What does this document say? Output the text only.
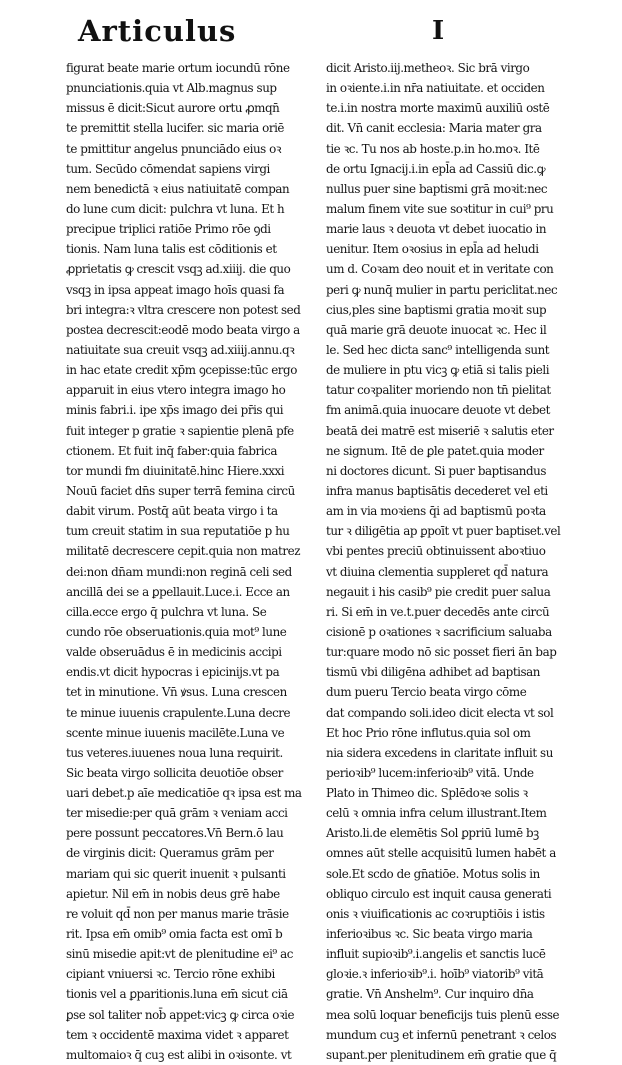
Articulus	I
figurat beate marie ortum iocundū rōne
pnunciationis.quia vt Alb.magnus sup
missus ē dicit:Sicut aurore ortu ꝓmqn̄
te premittit stella lucifer. sic maria oriē
te pmittitur angelus pnunciādo eius oꝛ
tum. Secūdo cōmendat sapiens virgi
nem benedictā ꝛ eius natiuitatē compan
do lune cum dicit: pulchra vt luna. Et h
precipue triplici ratiōe Primo rōe ꝯdi
tionis. Nam luna talis est cōditionis et
ꝓprietatis ꝙ crescit vsqꝫ ad.xiiij. die quo
vsqꝫ in ipsa appeat imago hoīs quasi fa
bri integra:ꝛ vltra crescere non potest sed
postea decrescit:eodē modo beata virgo a
natiuitate sua creuit vsqꝫ ad.xiiij.annu.qꝛ
in hac etate credit xp̄m ꝯcepisse:tūc ergo
apparuit in eius vtero integra imago ho
minis fabri.i. ipe xp̄s imago dei pr̄is qui
fuit integer p gratie ꝛ sapientie plenā pfe
ctionem. Et fuit inq̄ faber:quia fabrica
tor mundi fm diuinitatē.hinc Hiere.xxxi
Nouū faciet dn̄s super terrā femina circū
dabit virum. Postq̄ aūt beata virgo i ta
tum creuit statim in sua reputatiōe p hu
militatē decrescere cepit.quia non matrez
dei:non dn̄am mundi:non reginā celi sed
ancillā dei se a ꝑpellauit.Luce.i. Ecce an
cilla.ecce ergo q̄ pulchra vt luna. Se
cundo rōe obseruationis.quia mot⁹ lune
valde obseruādus ē in medicinis accipi
endis.vt dicit hypocras i epicinijs.vt pa
tet in minutione. Vn̄ ꝟsus. Luna crescen
te minue iuuenis crapulente.Luna decre
scente minue iuuenis macilēte.Luna ve
tus veteres.iuuenes noua luna requirit.
Sic beata virgo sollicita deuotiōe obser
uari debet.p aīe medicatiōe qꝛ ipsa est ma
ter misedie:per quā grām ꝛ veniam acci
pere possunt peccatores.Vn̄ Bern.ō lau
de virginis dicit: Queramus grām per
mariam qui sic querit inuenit ꝛ pulsanti
apietur. Nil em̄ in nobis deus grē habe
re voluit qd̄ non per manus marie trāsie
rit. Ipsa em̄ omib⁹ omia facta est omī b
sinū misedie apit:vt de plenitudine ei⁹ ac
cipiant vniuersi ꝛc. Tercio rōne exhibi
tionis vel a ꝑparitionis.luna em̄ sicut ciā
ꝑse sol taliter nob̄ appet:vicꝫ ꝙ circa oꝛie
tem ꝛ occidentē maxima videt ꝛ apparet
multomaioꝛ q̄ cuꝫ est alibi in oꝛisonte. vt
dicit Aristo.iij.metheoꝛ. Sic brā virgo
in oꝛiente.i.in nr̄a natiuitate. et occiden
te.i.in nostra morte maximū auxiliū ostē
dit. Vn̄ canit ecclesia: Maria mater gra
tie ꝛc. Tu nos ab hoste.p.in ho.moꝛ. Itē
de ortu Ignacij.i.in epl̄a ad Cassiū dic.ꝙ
nullus puer sine baptismi grā moꝛit:nec
malum finem vite sue soꝛtitur in cui⁹ pru
marie laus ꝛ deuota vt debet iuocatio in
uenitur. Item oꝛosius in epl̄a ad heludi
um d. Coꝛam deo nouit et in veritate con
peri ꝙ nunq̄ mulier in partu periclitat.nec
cius,ples sine baptismi gratia moꝛit sup
quā marie grā deuote inuocat ꝛc. Hec il
le. Sed hec dicta sanc⁹ intelligenda sunt
de muliere in ptu vicꝫ ꝙ etiā si talis pieli
tatur coꝛpaliter moriendo non tn̄ pielitat
fm animā.quia inuocare deuote vt debet
beatā dei matrē est miseriē ꝛ salutis eter
ne signum. Itē de ꝑle patet.quia moder
ni doctores dicunt. Si puer baptisandus
infra manus baptisātis decederet vel eti
am in via moꝛiens q̄i ad baptismū poꝛta
tur ꝛ diligētia ap ꝑpoīt vt puer baptiset.vel
vbi pentes preciū obtinuissent aboꝛtiuo
vt diuina clementia suppleret qd̄ natura
negauit i his casib⁹ pie credit puer salua
ri. Si em̄ in ve.t.puer decedēs ante circū
cisionē p oꝛationes ꝛ sacrificium saluaba
tur:quare modo nō sic posset fieri ān bap
tismū vbi diligēna adhibet ad baptisan
dum pueru Tercio beata virgo cōme
dat compando soli.ideo dicit electa vt sol
Et hoc Prio rōne influtus.quia sol om
nia sidera excedens in claritate influit su
perioꝛib⁹ lucem:inferioꝛib⁹ vitā. Unde
Plato in Thimeo dic. Splēdoꝛe solis ꝛ
celū ꝛ omnia infra celum illustrant.Item
Aristo.li.de elemētis Sol ꝑpriū lumē bꝫ
omnes aūt stelle acquisitū lumen habēt a
sole.Et scdo de gn̄atiōe. Motus solis in
obliquo circulo est inquit causa generati
onis ꝛ viuificationis ac coꝛruptiōis i istis
inferioꝛibus ꝛc. Sic beata virgo maria
influit supioꝛib⁹.i.angelis et sanctis lucē
gloꝛie.ꝛ inferioꝛib⁹.i. hoīb⁹ viatorib⁹ vitā
gratie. Vn̄ Anshelm⁹. Cur inquiro dn̄a
mea solū loquar beneficijs tuis plenū esse
mundum cuꝫ et infernū penetrant ꝛ celos
supant.per plenitudinem em̄ gratie que q̄
